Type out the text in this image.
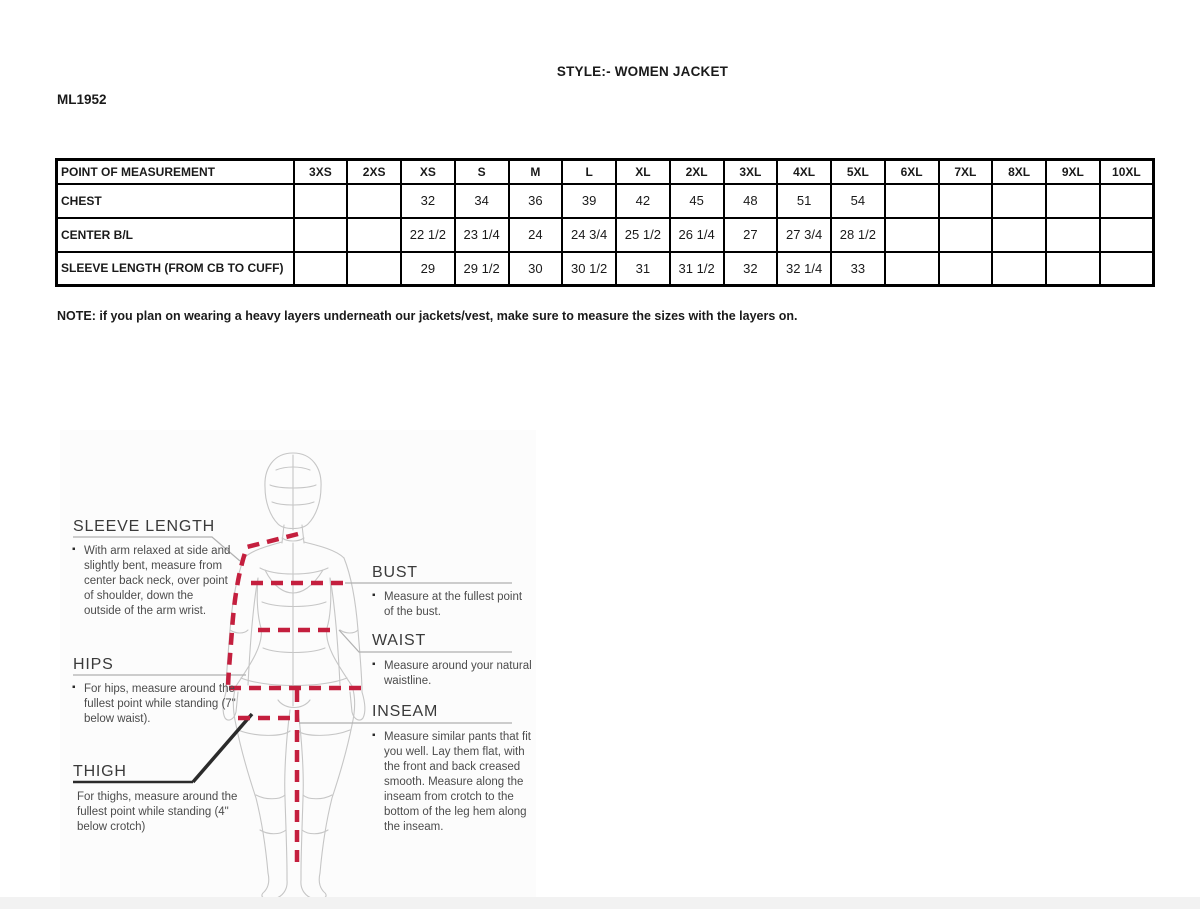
STYLE:- WOMEN JACKET
ML1952
POINT OF MEASUREMENT	3XS	2XS	XS	S	M	L	XL	2XL	3XL	4XL	5XL	6XL	7XL	8XL	9XL	10XL
CHEST			32	34	36	39	42	45	48	51	54					
CENTER B/L			22 1/2	23 1/4	24	24 3/4	25 1/2	26 1/4	27	27 3/4	28 1/2					
SLEEVE LENGTH (FROM CB TO CUFF)			29	29 1/2	30	30 1/2	31	31 1/2	32	32 1/4	33					
NOTE: if you plan on wearing a heavy layers underneath our jackets/vest, make sure to measure the sizes with the layers on.
SLEEVE LENGTH
▪ With arm relaxed at side and slightly bent, measure from center back neck, over point of shoulder, down the outside of the arm wrist.
HIPS
▪ For hips, measure around the fullest point while standing (7" below waist).
THIGH
For thighs, measure around the fullest point while standing (4" below crotch)
BUST
▪ Measure at the fullest point of the bust.
WAIST
▪ Measure around your natural waistline.
INSEAM
▪ Measure similar pants that fit you well. Lay them flat, with the front and back creased smooth. Measure along the inseam from crotch to the bottom of the leg hem along the inseam.
